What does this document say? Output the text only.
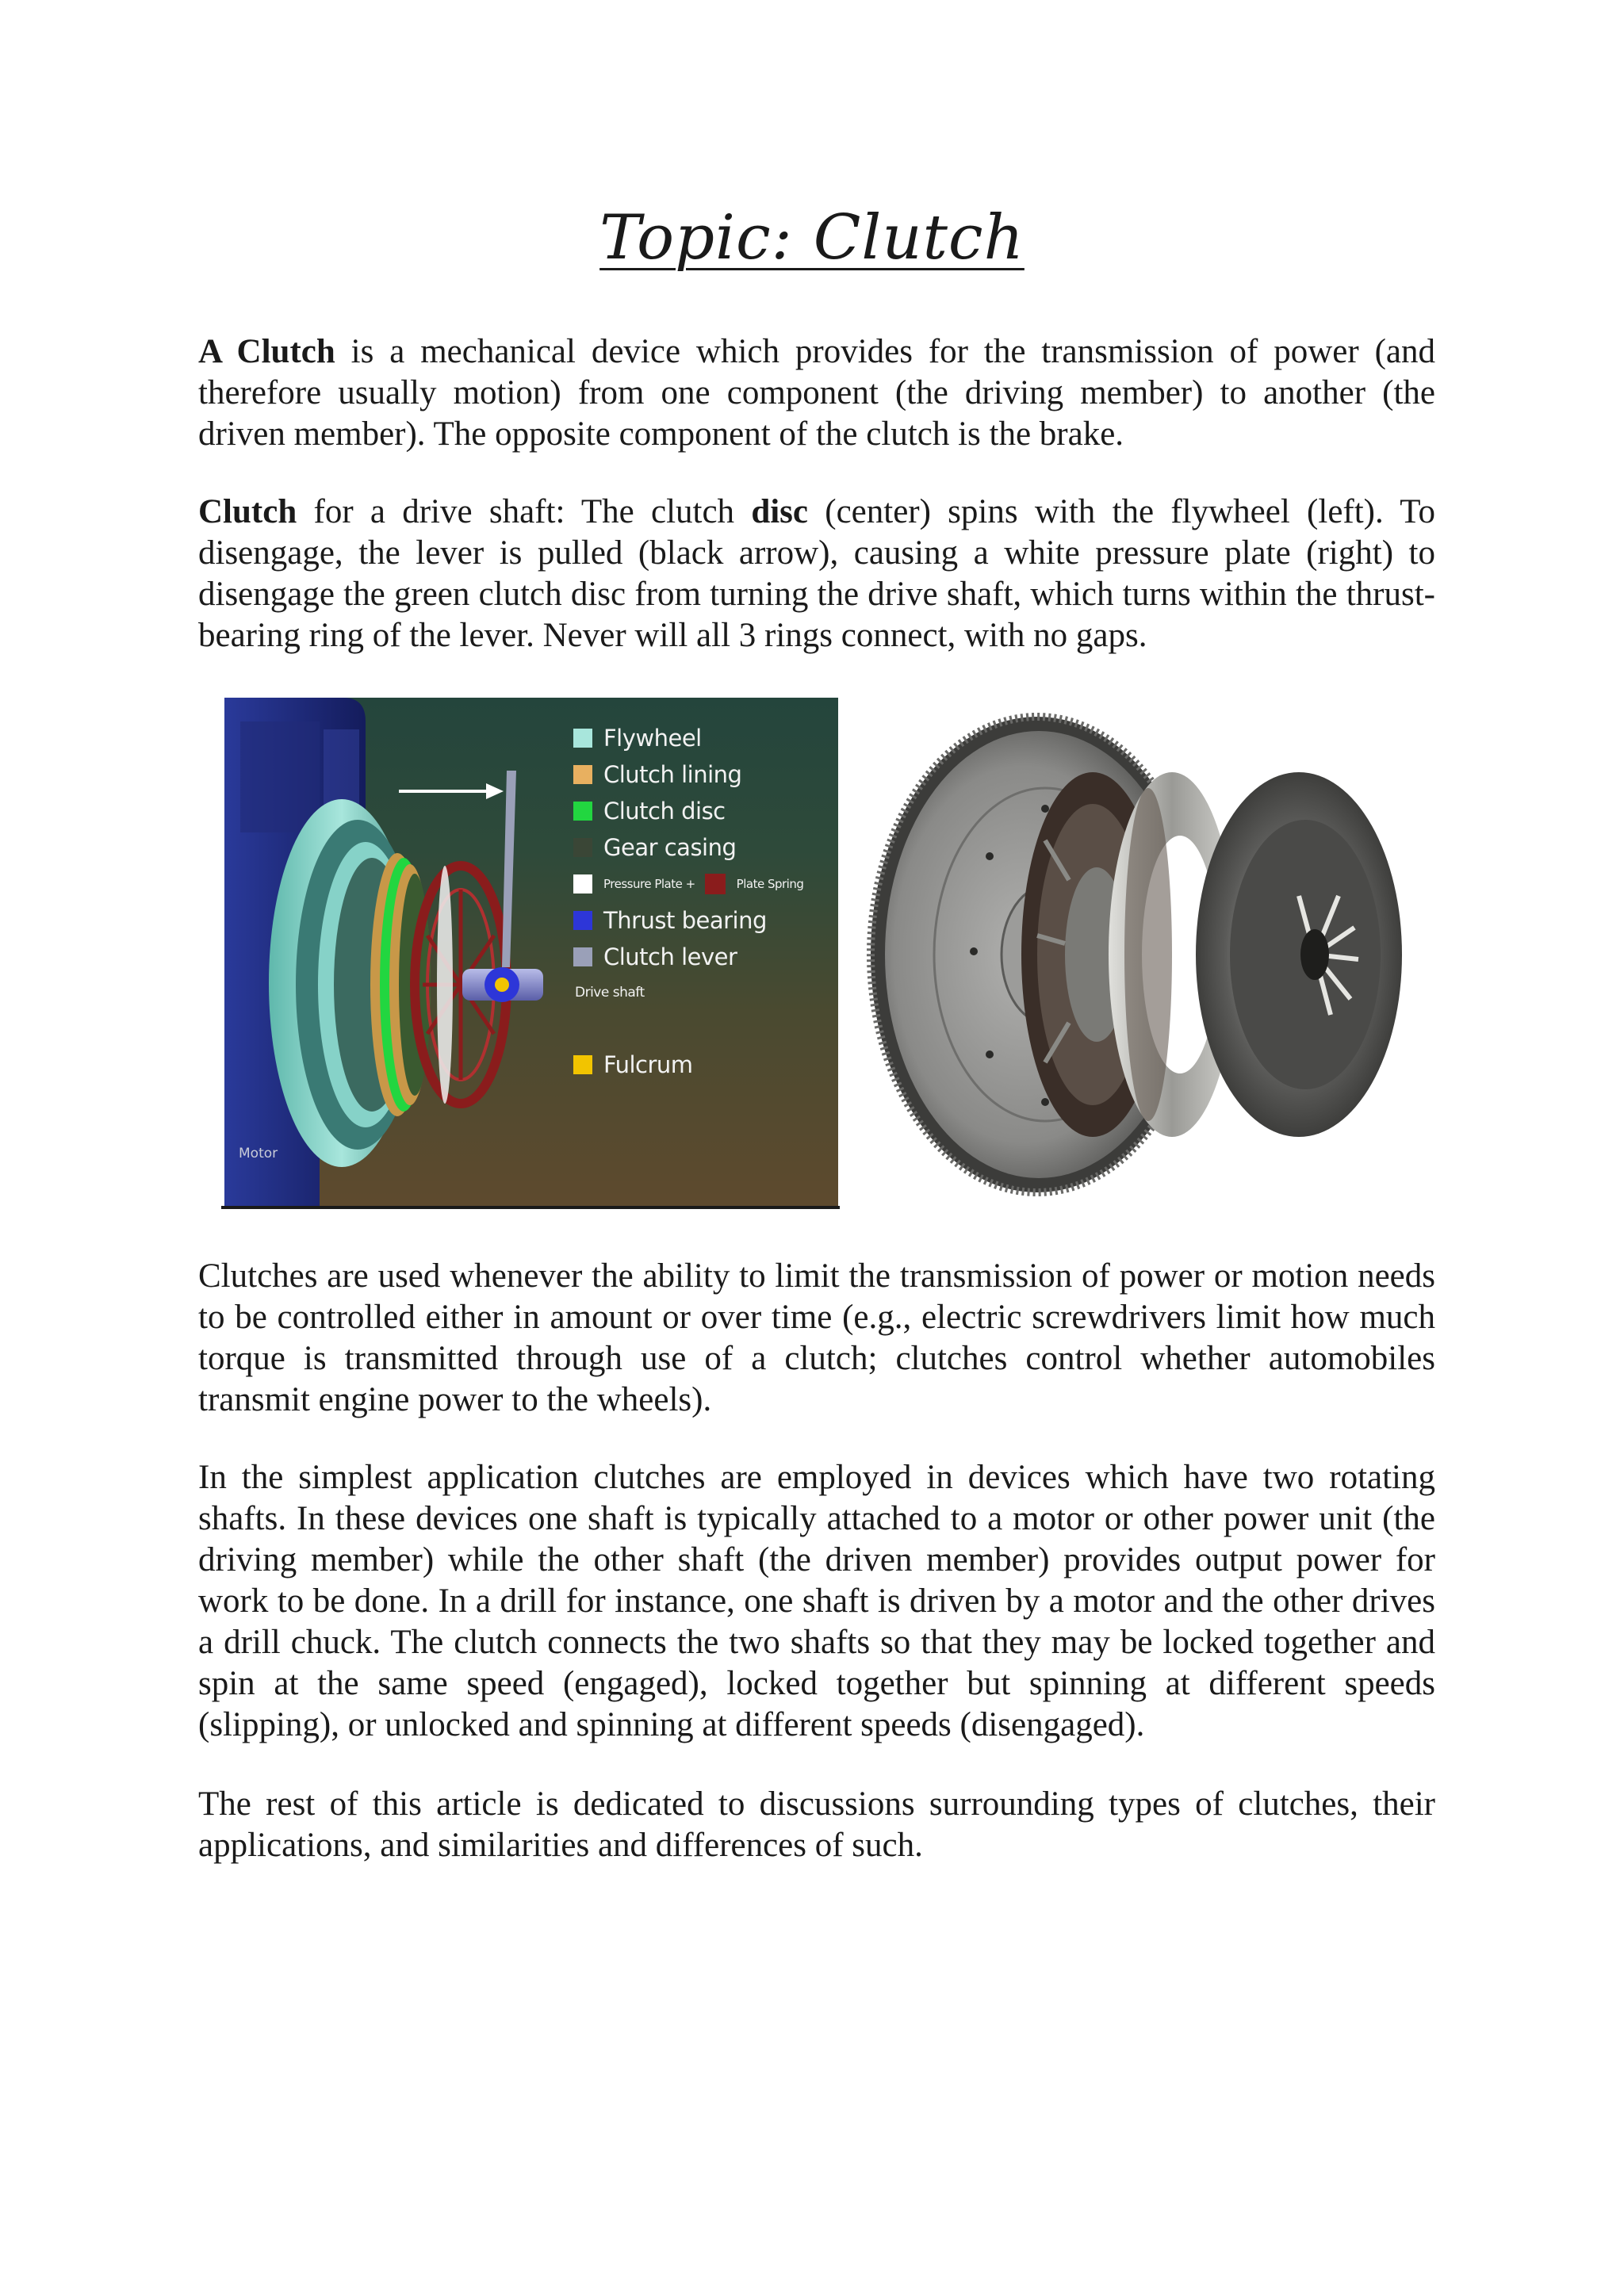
Topic: Clutch

A Clutch is a mechanical device which provides for the transmission of power (and therefore usually motion) from one component (the driving member) to another (the driven member). The opposite component of the clutch is the brake.

Clutch for a drive shaft: The clutch disc (center) spins with the flywheel (left). To disengage, the lever is pulled (black arrow), causing a white pressure plate (right) to disengage the green clutch disc from turning the drive shaft, which turns within the thrust-bearing ring of the lever. Never will all 3 rings connect, with no gaps.

Flywheel
Clutch lining
Clutch disc
Gear casing
Pressure Plate +	Plate Spring
Thrust bearing
Clutch lever
Drive shaft
Fulcrum
Motor

Clutches are used whenever the ability to limit the transmission of power or motion needs to be controlled either in amount or over time (e.g., electric screwdrivers limit how much torque is transmitted through use of a clutch; clutches control whether automobiles transmit engine power to the wheels).

In the simplest application clutches are employed in devices which have two rotating shafts. In these devices one shaft is typically attached to a motor or other power unit (the driving member) while the other shaft (the driven member) provides output power for work to be done. In a drill for instance, one shaft is driven by a motor and the other drives a drill chuck. The clutch connects the two shafts so that they may be locked together and spin at the same speed (engaged), locked together but spinning at different speeds (slipping), or unlocked and spinning at different speeds (disengaged).

The rest of this article is dedicated to discussions surrounding types of clutches, their applications, and similarities and differences of such.
